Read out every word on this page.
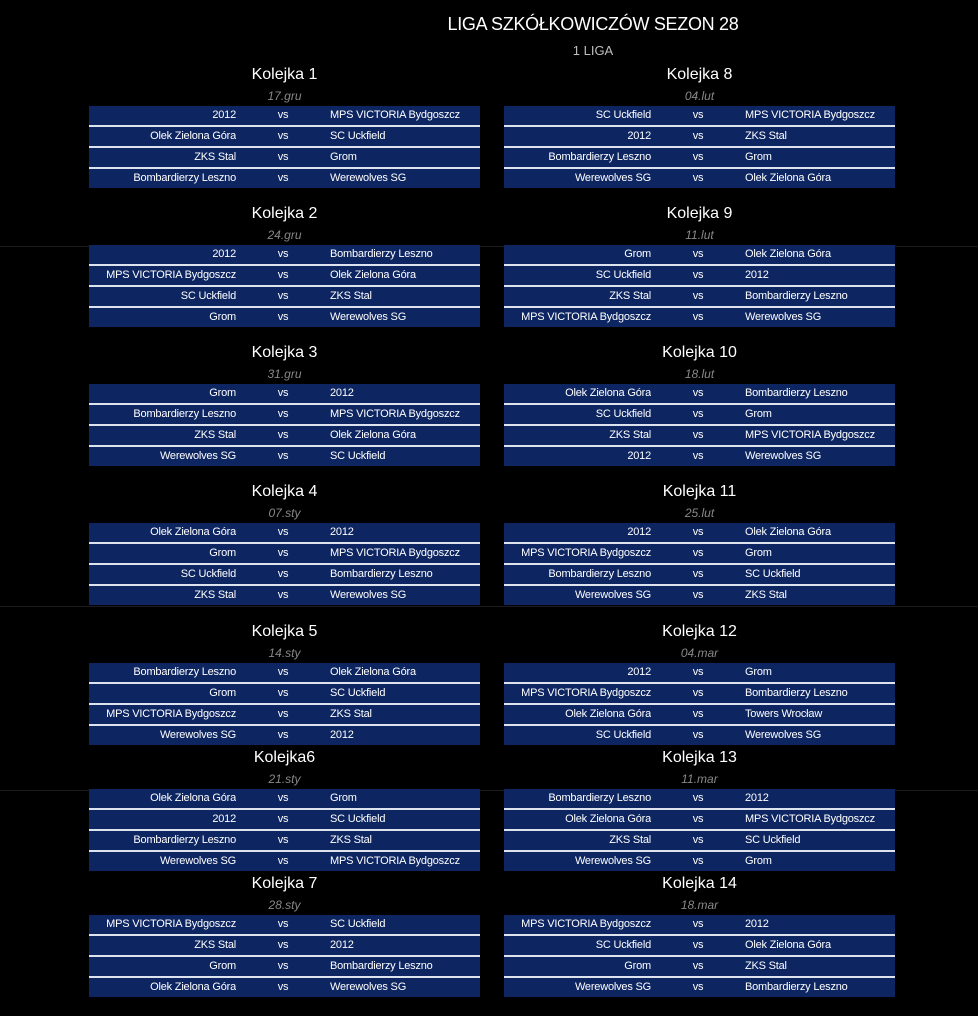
LIGA SZKÓŁKOWICZÓW SEZON 28
1 LIGA
Kolejka 1
17.gru
2012	vs	MPS VICTORIA Bydgoszcz
Olek Zielona Góra	vs	SC Uckfield
ZKS Stal	vs	Grom
Bombardierzy Leszno	vs	Werewolves SG
Kolejka 8
04.lut
SC Uckfield	vs	MPS VICTORIA Bydgoszcz
2012	vs	ZKS Stal
Bombardierzy Leszno	vs	Grom
Werewolves SG	vs	Olek Zielona Góra
Kolejka 2
24.gru
2012	vs	Bombardierzy Leszno
MPS VICTORIA Bydgoszcz	vs	Olek Zielona Góra
SC Uckfield	vs	ZKS Stal
Grom	vs	Werewolves SG
Kolejka 9
11.lut
Grom	vs	Olek Zielona Góra
SC Uckfield	vs	2012
ZKS Stal	vs	Bombardierzy Leszno
MPS VICTORIA Bydgoszcz	vs	Werewolves SG
Kolejka 3
31.gru
Grom	vs	2012
Bombardierzy Leszno	vs	MPS VICTORIA Bydgoszcz
ZKS Stal	vs	Olek Zielona Góra
Werewolves SG	vs	SC Uckfield
Kolejka 10
18.lut
Olek Zielona Góra	vs	Bombardierzy Leszno
SC Uckfield	vs	Grom
ZKS Stal	vs	MPS VICTORIA Bydgoszcz
2012	vs	Werewolves SG
Kolejka 4
07.sty
Olek Zielona Góra	vs	2012
Grom	vs	MPS VICTORIA Bydgoszcz
SC Uckfield	vs	Bombardierzy Leszno
ZKS Stal	vs	Werewolves SG
Kolejka 11
25.lut
2012	vs	Olek Zielona Góra
MPS VICTORIA Bydgoszcz	vs	Grom
Bombardierzy Leszno	vs	SC Uckfield
Werewolves SG	vs	ZKS Stal
Kolejka 5
14.sty
Bombardierzy Leszno	vs	Olek Zielona Góra
Grom	vs	SC Uckfield
MPS VICTORIA Bydgoszcz	vs	ZKS Stal
Werewolves SG	vs	2012
Kolejka 12
04.mar
2012	vs	Grom
MPS VICTORIA Bydgoszcz	vs	Bombardierzy Leszno
Olek Zielona Góra	vs	Towers Wrocław
SC Uckfield	vs	Werewolves SG
Kolejka6
21.sty
Olek Zielona Góra	vs	Grom
2012	vs	SC Uckfield
Bombardierzy Leszno	vs	ZKS Stal
Werewolves SG	vs	MPS VICTORIA Bydgoszcz
Kolejka 13
11.mar
Bombardierzy Leszno	vs	2012
Olek Zielona Góra	vs	MPS VICTORIA Bydgoszcz
ZKS Stal	vs	SC Uckfield
Werewolves SG	vs	Grom
Kolejka 7
28.sty
MPS VICTORIA Bydgoszcz	vs	SC Uckfield
ZKS Stal	vs	2012
Grom	vs	Bombardierzy Leszno
Olek Zielona Góra	vs	Werewolves SG
Kolejka 14
18.mar
MPS VICTORIA Bydgoszcz	vs	2012
SC Uckfield	vs	Olek Zielona Góra
Grom	vs	ZKS Stal
Werewolves SG	vs	Bombardierzy Leszno
